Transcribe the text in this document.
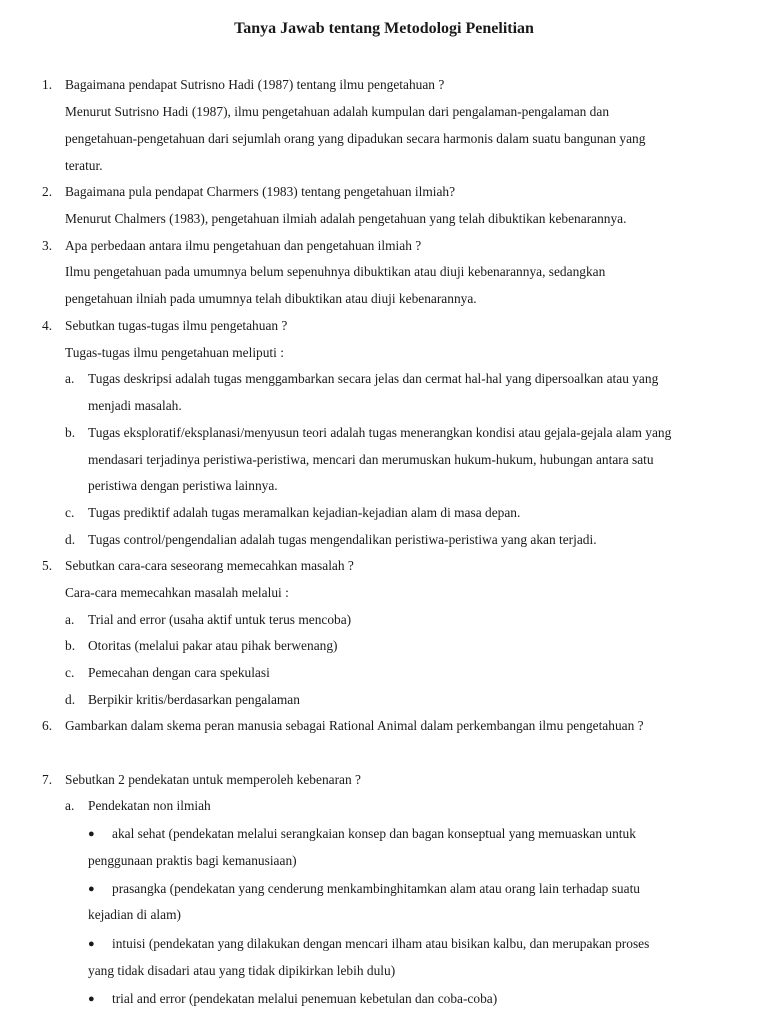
Tanya Jawab tentang Metodologi Penelitian
1. Bagaimana pendapat Sutrisno Hadi (1987) tentang ilmu pengetahuan ?
Menurut Sutrisno Hadi (1987), ilmu pengetahuan adalah kumpulan dari pengalaman-pengalaman dan
pengetahuan-pengetahuan dari sejumlah orang yang dipadukan secara harmonis dalam suatu bangunan yang
teratur.
2. Bagaimana pula pendapat Charmers (1983) tentang pengetahuan ilmiah?
Menurut Chalmers (1983), pengetahuan ilmiah adalah pengetahuan yang telah dibuktikan kebenarannya.
3. Apa perbedaan antara ilmu pengetahuan dan pengetahuan ilmiah ?
Ilmu pengetahuan pada umumnya belum sepenuhnya dibuktikan atau diuji kebenarannya, sedangkan
pengetahuan ilniah pada umumnya telah dibuktikan atau diuji kebenarannya.
4. Sebutkan tugas-tugas ilmu pengetahuan ?
Tugas-tugas ilmu pengetahuan meliputi :
a. Tugas deskripsi adalah tugas menggambarkan secara jelas dan cermat hal-hal yang dipersoalkan atau yang
menjadi masalah.
b. Tugas eksploratif/eksplanasi/menyusun teori adalah tugas menerangkan kondisi atau gejala-gejala alam yang
mendasari terjadinya peristiwa-peristiwa, mencari dan merumuskan hukum-hukum, hubungan antara satu
peristiwa dengan peristiwa lainnya.
c. Tugas prediktif adalah tugas meramalkan kejadian-kejadian alam di masa depan.
d. Tugas control/pengendalian adalah tugas mengendalikan peristiwa-peristiwa yang akan terjadi.
5. Sebutkan cara-cara seseorang memecahkan masalah ?
Cara-cara memecahkan masalah melalui :
a. Trial and error (usaha aktif untuk terus mencoba)
b. Otoritas (melalui pakar atau pihak berwenang)
c. Pemecahan dengan cara spekulasi
d. Berpikir kritis/berdasarkan pengalaman
6. Gambarkan dalam skema peran manusia sebagai Rational Animal dalam perkembangan ilmu pengetahuan ?
7. Sebutkan 2 pendekatan untuk memperoleh kebenaran ?
a. Pendekatan non ilmiah
● akal sehat (pendekatan melalui serangkaian konsep dan bagan konseptual yang memuaskan untuk
penggunaan praktis bagi kemanusiaan)
● prasangka (pendekatan yang cenderung menkambinghitamkan alam atau orang lain terhadap suatu
kejadian di alam)
● intuisi (pendekatan yang dilakukan dengan mencari ilham atau bisikan kalbu, dan merupakan proses
yang tidak disadari atau yang tidak dipikirkan lebih dulu)
● trial and error (pendekatan melalui penemuan kebetulan dan coba-coba)
